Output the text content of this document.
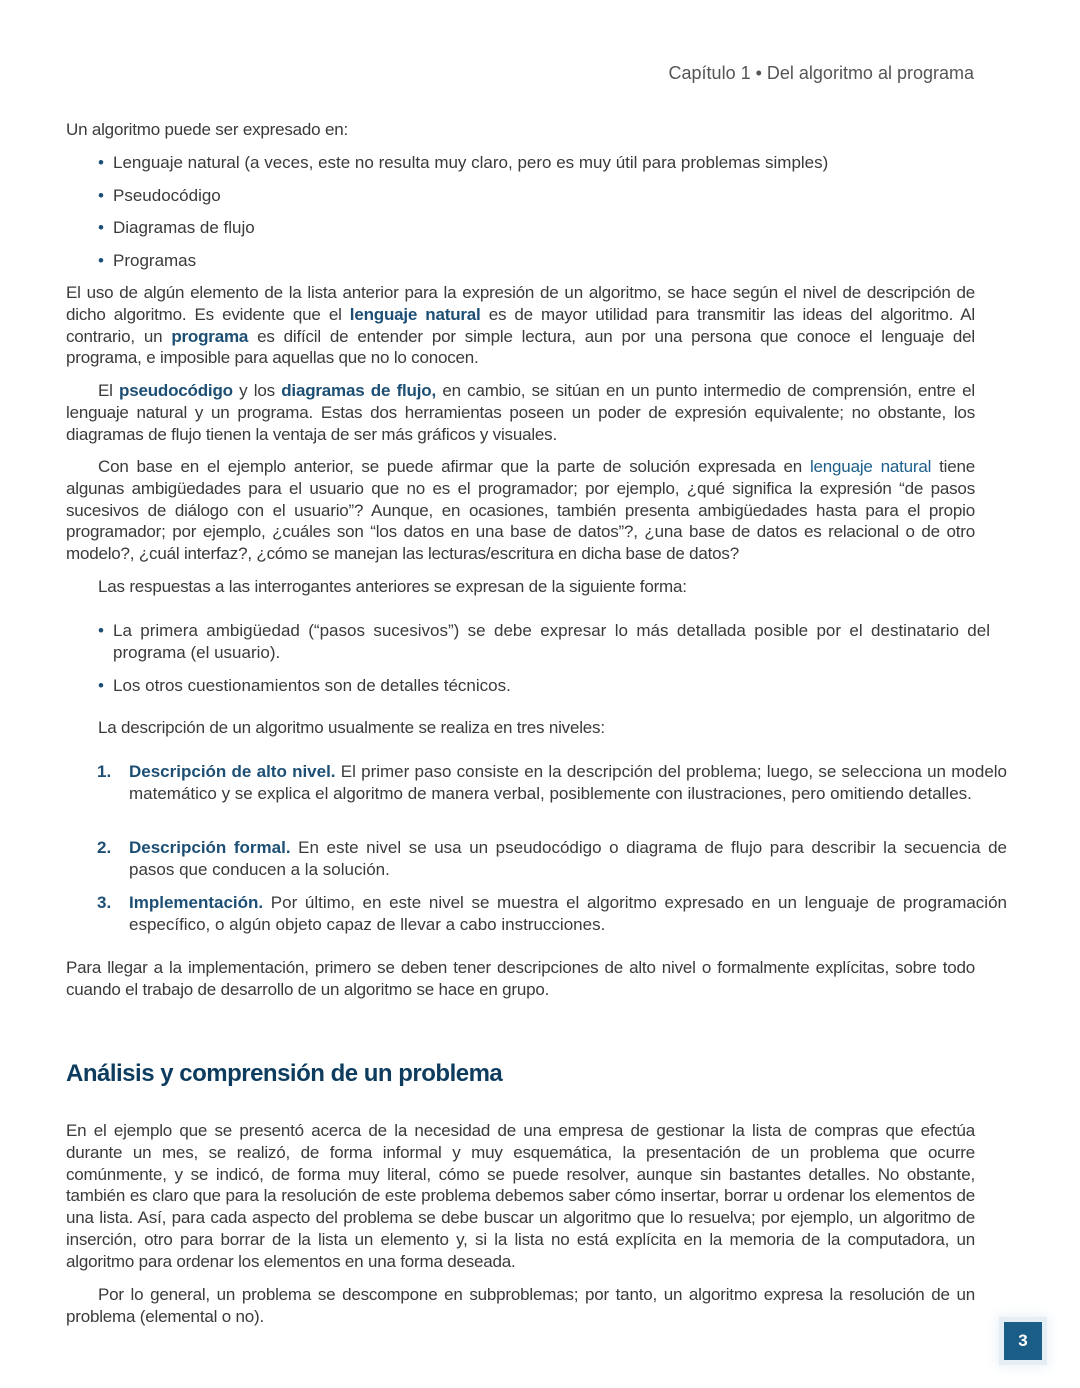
Capítulo 1 • Del algoritmo al programa
Un algoritmo puede ser expresado en:
• Lenguaje natural (a veces, este no resulta muy claro, pero es muy útil para problemas simples)
• Pseudocódigo
• Diagramas de flujo
• Programas
El uso de algún elemento de la lista anterior para la expresión de un algoritmo, se hace según el nivel de descripción de dicho algoritmo. Es evidente que el lenguaje natural es de mayor utilidad para transmitir las ideas del algoritmo. Al contrario, un programa es difícil de entender por simple lectura, aun por una persona que conoce el lenguaje del programa, e imposible para aquellas que no lo conocen.
El pseudocódigo y los diagramas de flujo, en cambio, se sitúan en un punto intermedio de comprensión, entre el lenguaje natural y un programa. Estas dos herramientas poseen un poder de expresión equivalente; no obstante, los diagramas de flujo tienen la ventaja de ser más gráficos y visuales.
Con base en el ejemplo anterior, se puede afirmar que la parte de solución expresada en lenguaje natural tiene algunas ambigüedades para el usuario que no es el programador; por ejemplo, ¿qué significa la expresión “de pasos sucesivos de diálogo con el usuario”? Aunque, en ocasiones, también presenta ambigüedades hasta para el propio programador; por ejemplo, ¿cuáles son “los datos en una base de datos”?, ¿una base de datos es relacional o de otro modelo?, ¿cuál interfaz?, ¿cómo se manejan las lecturas/escritura en dicha base de datos?
Las respuestas a las interrogantes anteriores se expresan de la siguiente forma:
• La primera ambigüedad (“pasos sucesivos”) se debe expresar lo más detallada posible por el destinatario del programa (el usuario).
• Los otros cuestionamientos son de detalles técnicos.
La descripción de un algoritmo usualmente se realiza en tres niveles:
1. Descripción de alto nivel. El primer paso consiste en la descripción del problema; luego, se selecciona un modelo matemático y se explica el algoritmo de manera verbal, posiblemente con ilustraciones, pero omitiendo detalles.
2. Descripción formal. En este nivel se usa un pseudocódigo o diagrama de flujo para describir la secuencia de pasos que conducen a la solución.
3. Implementación. Por último, en este nivel se muestra el algoritmo expresado en un lenguaje de programación específico, o algún objeto capaz de llevar a cabo instrucciones.
Para llegar a la implementación, primero se deben tener descripciones de alto nivel o formalmente explícitas, sobre todo cuando el trabajo de desarrollo de un algoritmo se hace en grupo.
En el ejemplo que se presentó acerca de la necesidad de una empresa de gestionar la lista de compras que efectúa durante un mes, se realizó, de forma informal y muy esquemática, la presentación de un problema que ocurre comúnmente, y se indicó, de forma muy literal, cómo se puede resolver, aunque sin bastantes detalles. No obstante, también es claro que para la resolución de este problema debemos saber cómo insertar, borrar u ordenar los elementos de una lista. Así, para cada aspecto del problema se debe buscar un algoritmo que lo resuelva; por ejemplo, un algoritmo de inserción, otro para borrar de la lista un elemento y, si la lista no está explícita en la memoria de la computadora, un algoritmo para ordenar los elementos en una forma deseada.
Por lo general, un problema se descompone en subproblemas; por tanto, un algoritmo expresa la resolución de un problema (elemental o no).
Análisis y comprensión de un problema
3
